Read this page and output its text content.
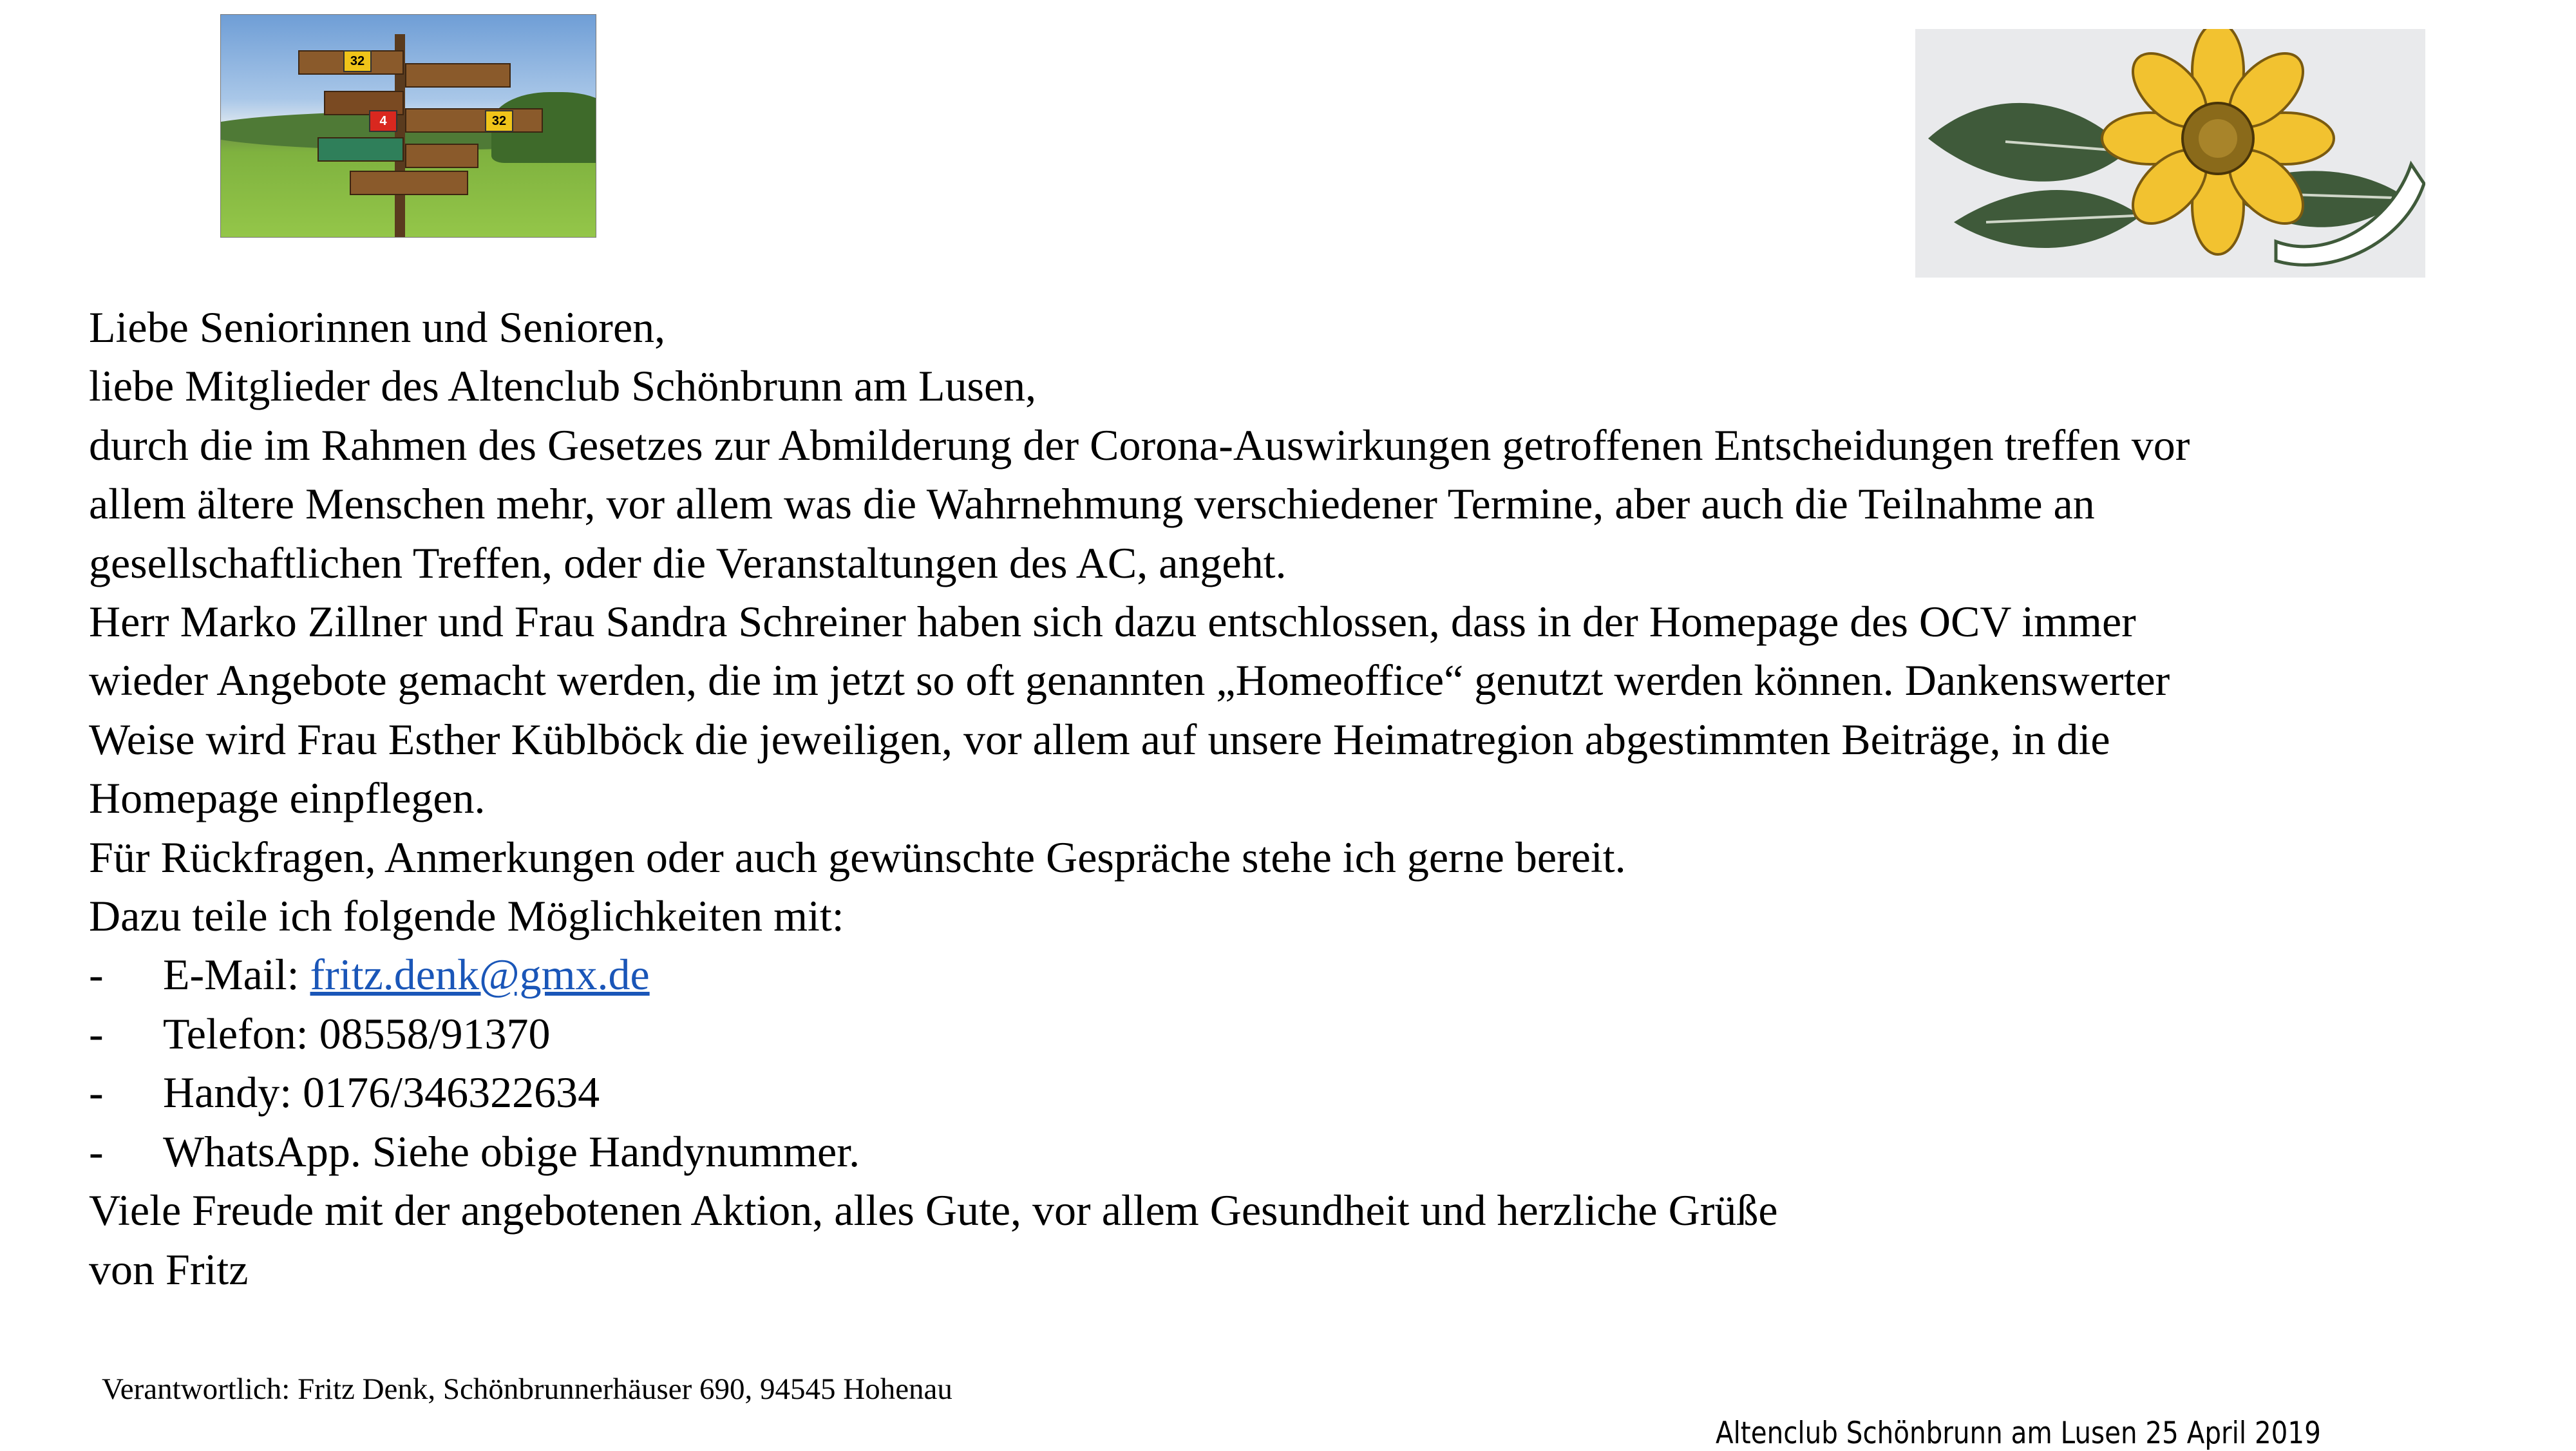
32
4	32

Liebe Seniorinnen und Senioren,

liebe Mitglieder des Altenclub Schönbrunn am Lusen,

durch die im Rahmen des Gesetzes zur Abmilderung der Corona-Auswirkungen getroffenen Entscheidungen treffen vor

allem ältere Menschen mehr, vor allem was die Wahrnehmung verschiedener Termine, aber auch die Teilnahme an

gesellschaftlichen Treffen, oder die Veranstaltungen des AC, angeht.

Herr Marko Zillner und Frau Sandra Schreiner haben sich dazu entschlossen, dass in der Homepage des OCV immer

wieder Angebote gemacht werden, die im jetzt so oft genannten „Homeoffice“ genutzt werden können. Dankenswerter

Weise wird Frau Esther Küblböck die jeweiligen, vor allem auf unsere Heimatregion abgestimmten Beiträge, in die

Homepage einpflegen.

Für Rückfragen, Anmerkungen oder auch gewünschte Gespräche stehe ich gerne bereit.

Dazu teile ich folgende Möglichkeiten mit:

- E-Mail: fritz.denk@gmx.de

- Telefon: 08558/91370

- Handy: 0176/346322634

- WhatsApp. Siehe obige Handynummer.

Viele Freude mit der angebotenen Aktion, alles Gute, vor allem Gesundheit und herzliche Grüße

von Fritz

Verantwortlich: Fritz Denk, Schönbrunnerhäuser 690, 94545 Hohenau
Altenclub Schönbrunn am Lusen 25 April 2019
